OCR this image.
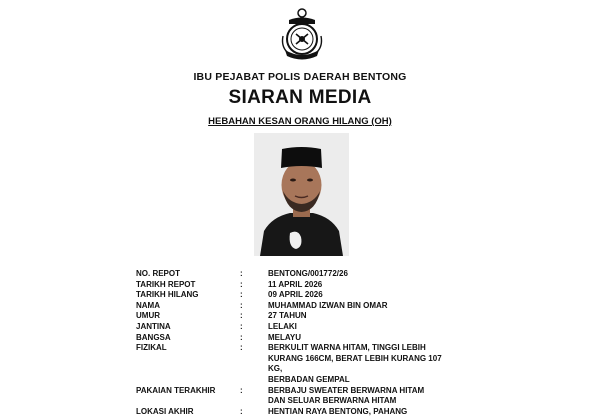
IBU PEJABAT POLIS DAERAH BENTONG
SIARAN MEDIA
HEBAHAN KESAN ORANG HILANG (OH)
NO. REPOT	:	BENTONG/001772/26
TARIKH REPOT	:	11 APRIL 2026
TARIKH HILANG	:	09 APRIL 2026
NAMA	:	MUHAMMAD IZWAN BIN OMAR
UMUR	:	27 TAHUN
JANTINA	:	LELAKI
BANGSA	:	MELAYU
FIZIKAL	:	BERKULIT WARNA HITAM, TINGGI LEBIH
KURANG 166CM, BERAT LEBIH KURANG 107 KG,
BERBADAN GEMPAL
PAKAIAN TERAKHIR	:	BERBAJU SWEATER BERWARNA HITAM
DAN SELUAR BERWARNA HITAM
LOKASI AKHIR	:	HENTIAN RAYA BENTONG, PAHANG
